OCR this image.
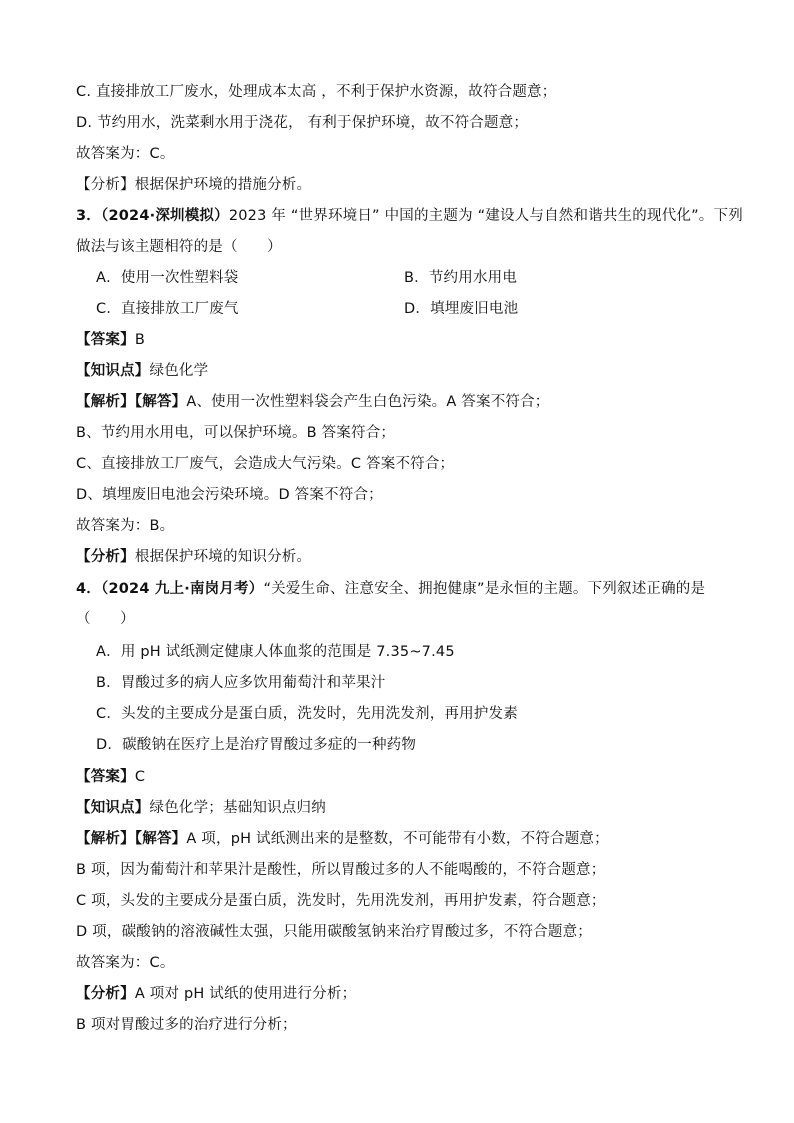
C. 直接排放工厂废水，处理成本太高 ，不利于保护水资源，故符合题意；
D. 节约用水，洗菜剩水用于浇花， 有利于保护环境，故不符合题意；
故答案为：C。
【分析】根据保护环境的措施分析。
3．（2024·深圳模拟）2023 年 “世界环境日” 中国的主题为 “建设人与自然和谐共生的现代化”。下列
做法与该主题相符的是（　　）
A．使用一次性塑料袋	B．节约用水用电
C．直接排放工厂废气	D．填埋废旧电池
【答案】B
【知识点】绿色化学
【解析】【解答】A、使用一次性塑料袋会产生白色污染。A 答案不符合；
B、节约用水用电，可以保护环境。B 答案符合；
C、直接排放工厂废气，会造成大气污染。C 答案不符合；
D、填埋废旧电池会污染环境。D 答案不符合；
故答案为：B。
【分析】根据保护环境的知识分析。
4．（2024 九上·南岗月考）“关爱生命、注意安全、拥抱健康”是永恒的主题。下列叙述正确的是
（　　）
A．用 pH 试纸测定健康人体血浆的范围是 7.35~7.45
B．胃酸过多的病人应多饮用葡萄汁和苹果汁
C．头发的主要成分是蛋白质，洗发时，先用洗发剂，再用护发素
D．碳酸钠在医疗上是治疗胃酸过多症的一种药物
【答案】C
【知识点】绿色化学；基础知识点归纳
【解析】【解答】A 项，pH 试纸测出来的是整数，不可能带有小数，不符合题意；
B 项，因为葡萄汁和苹果汁是酸性，所以胃酸过多的人不能喝酸的，不符合题意；
C 项，头发的主要成分是蛋白质，洗发时，先用洗发剂，再用护发素，符合题意；
D 项，碳酸钠的溶液碱性太强，只能用碳酸氢钠来治疗胃酸过多，不符合题意；
故答案为：C。
【分析】A 项对 pH 试纸的使用进行分析；
B 项对胃酸过多的治疗进行分析；
